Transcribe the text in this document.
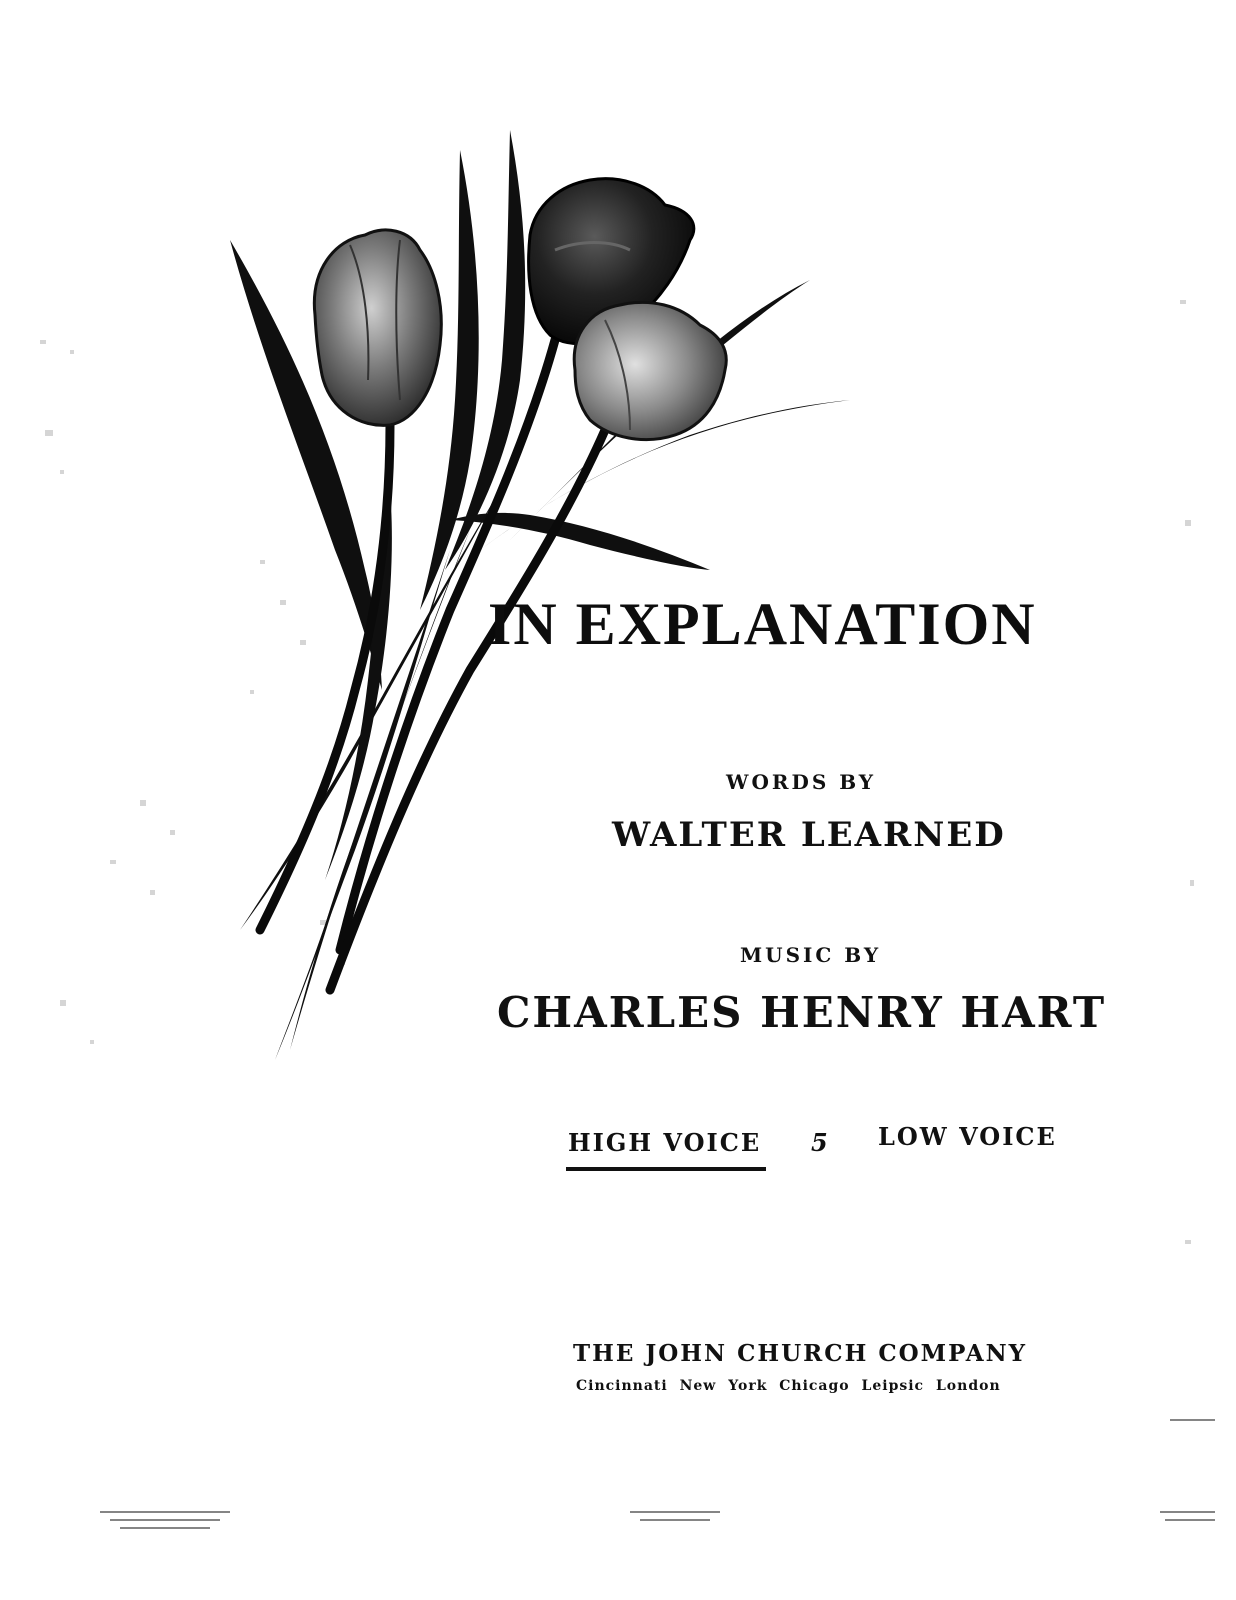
IN EXPLANATION
WORDS BY
WALTER LEARNED
MUSIC BY
CHARLES HENRY HART
HIGH VOICE 5 LOW VOICE
THE JOHN CHURCH COMPANY
Cincinnati New York Chicago Leipsic London
